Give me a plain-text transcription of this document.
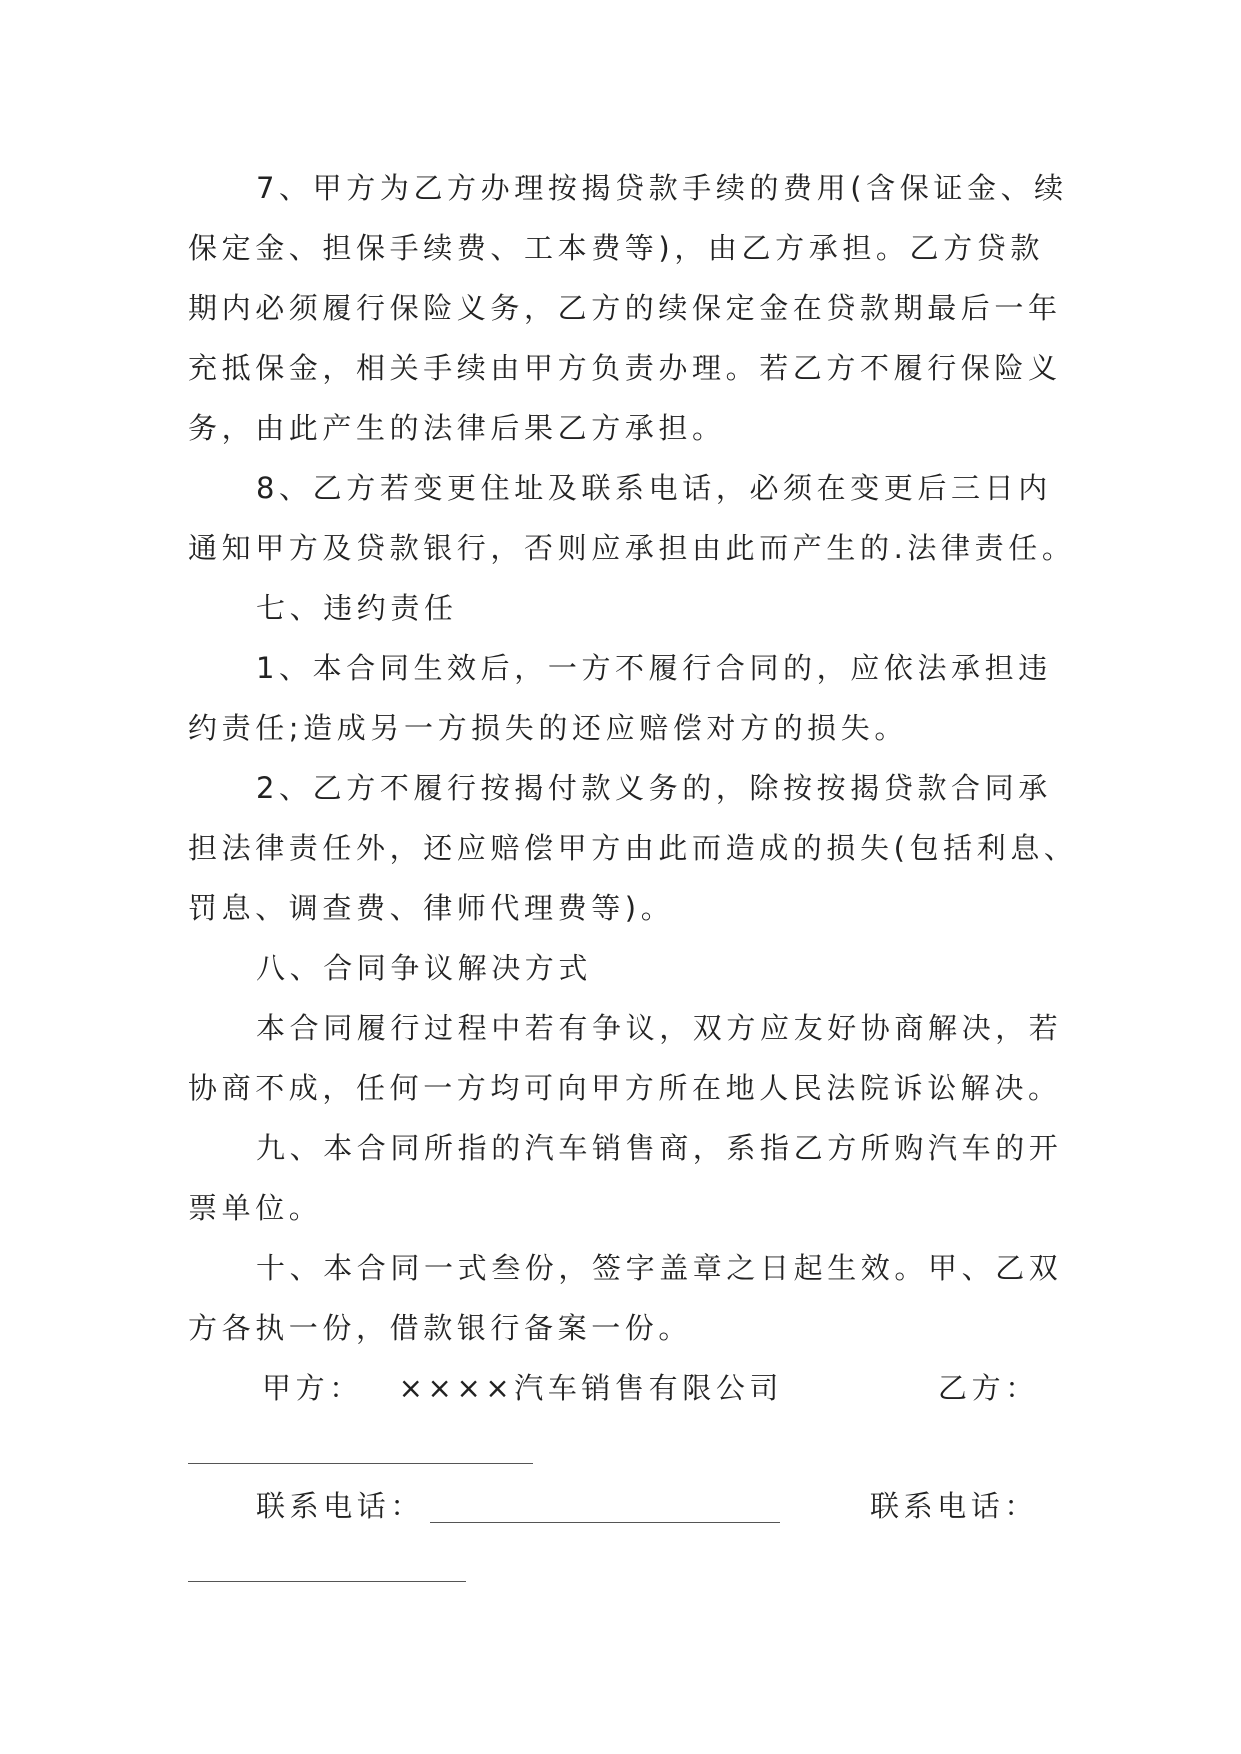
7、甲方为乙方办理按揭贷款手续的费用(含保证金、续
保定金、担保手续费、工本费等)，由乙方承担。乙方贷款
期内必须履行保险义务，乙方的续保定金在贷款期最后一年
充抵保金，相关手续由甲方负责办理。若乙方不履行保险义
务，由此产生的法律后果乙方承担。
8、乙方若变更住址及联系电话，必须在变更后三日内
通知甲方及贷款银行，否则应承担由此而产生的.法律责任。
七、违约责任
1、本合同生效后，一方不履行合同的，应依法承担违
约责任;造成另一方损失的还应赔偿对方的损失。
2、乙方不履行按揭付款义务的，除按按揭贷款合同承
担法律责任外，还应赔偿甲方由此而造成的损失(包括利息、
罚息、调查费、律师代理费等)。
八、合同争议解决方式
本合同履行过程中若有争议，双方应友好协商解决，若
协商不成，任何一方均可向甲方所在地人民法院诉讼解决。
九、本合同所指的汽车销售商，系指乙方所购汽车的开
票单位。
十、本合同一式叁份，签字盖章之日起生效。甲、乙双
方各执一份，借款银行备案一份。
甲方： ××××汽车销售有限公司	乙方：
联系电话：	联系电话：
